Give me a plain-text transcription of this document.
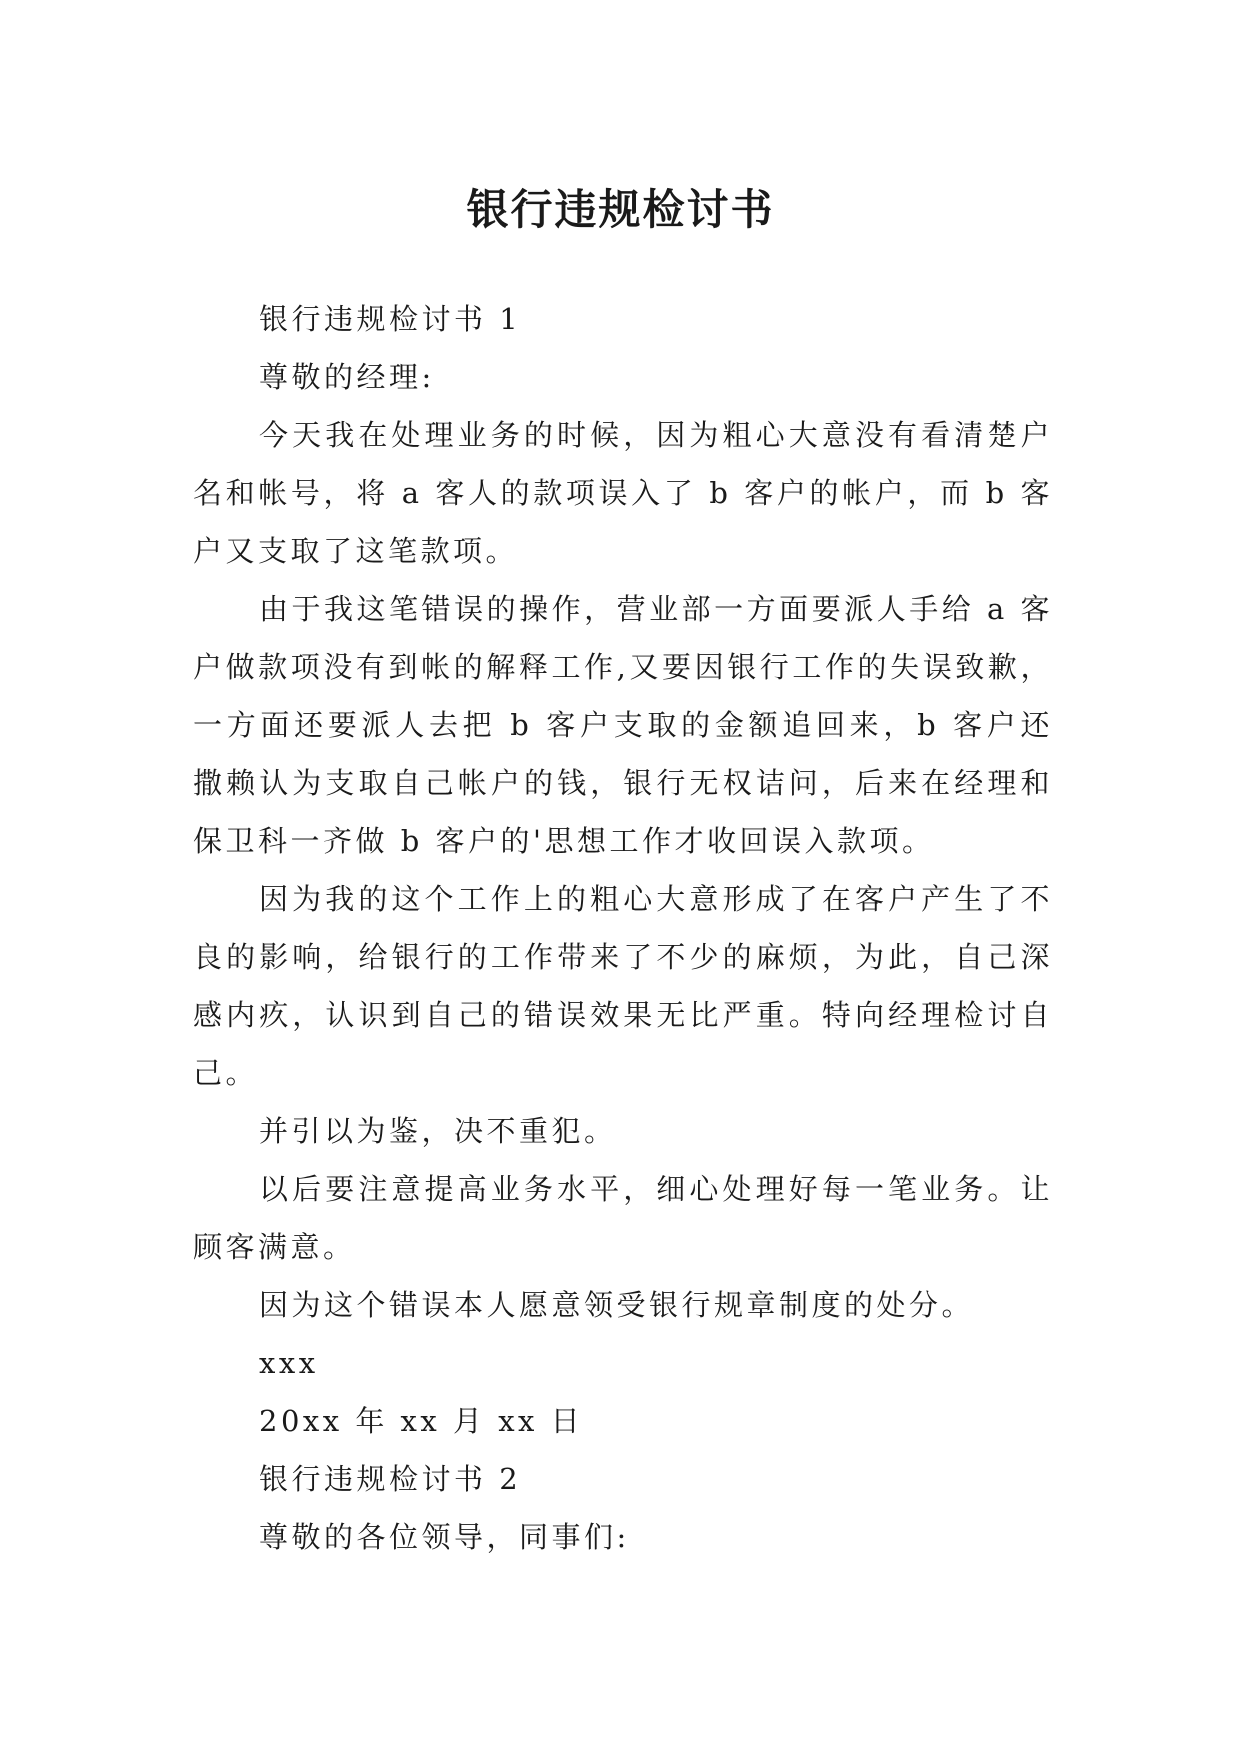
银行违规检讨书

银行违规检讨书 1

尊敬的经理:

今天我在处理业务的时候，因为粗心大意没有看清楚户名和帐号，将 a 客人的款项误入了 b 客户的帐户，而 b 客户又支取了这笔款项。

由于我这笔错误的操作，营业部一方面要派人手给 a 客户做款项没有到帐的解释工作,又要因银行工作的失误致歉，一方面还要派人去把 b 客户支取的金额追回来，b 客户还撒赖认为支取自己帐户的钱，银行无权诘问，后来在经理和保卫科一齐做 b 客户的'思想工作才收回误入款项。

因为我的这个工作上的粗心大意形成了在客户产生了不良的影响，给银行的工作带来了不少的麻烦，为此，自己深感内疚，认识到自己的错误效果无比严重。特向经理检讨自己。

并引以为鉴，决不重犯。

以后要注意提高业务水平，细心处理好每一笔业务。让顾客满意。

因为这个错误本人愿意领受银行规章制度的处分。

xxx

20xx 年 xx 月 xx 日

银行违规检讨书 2

尊敬的各位领导，同事们:
